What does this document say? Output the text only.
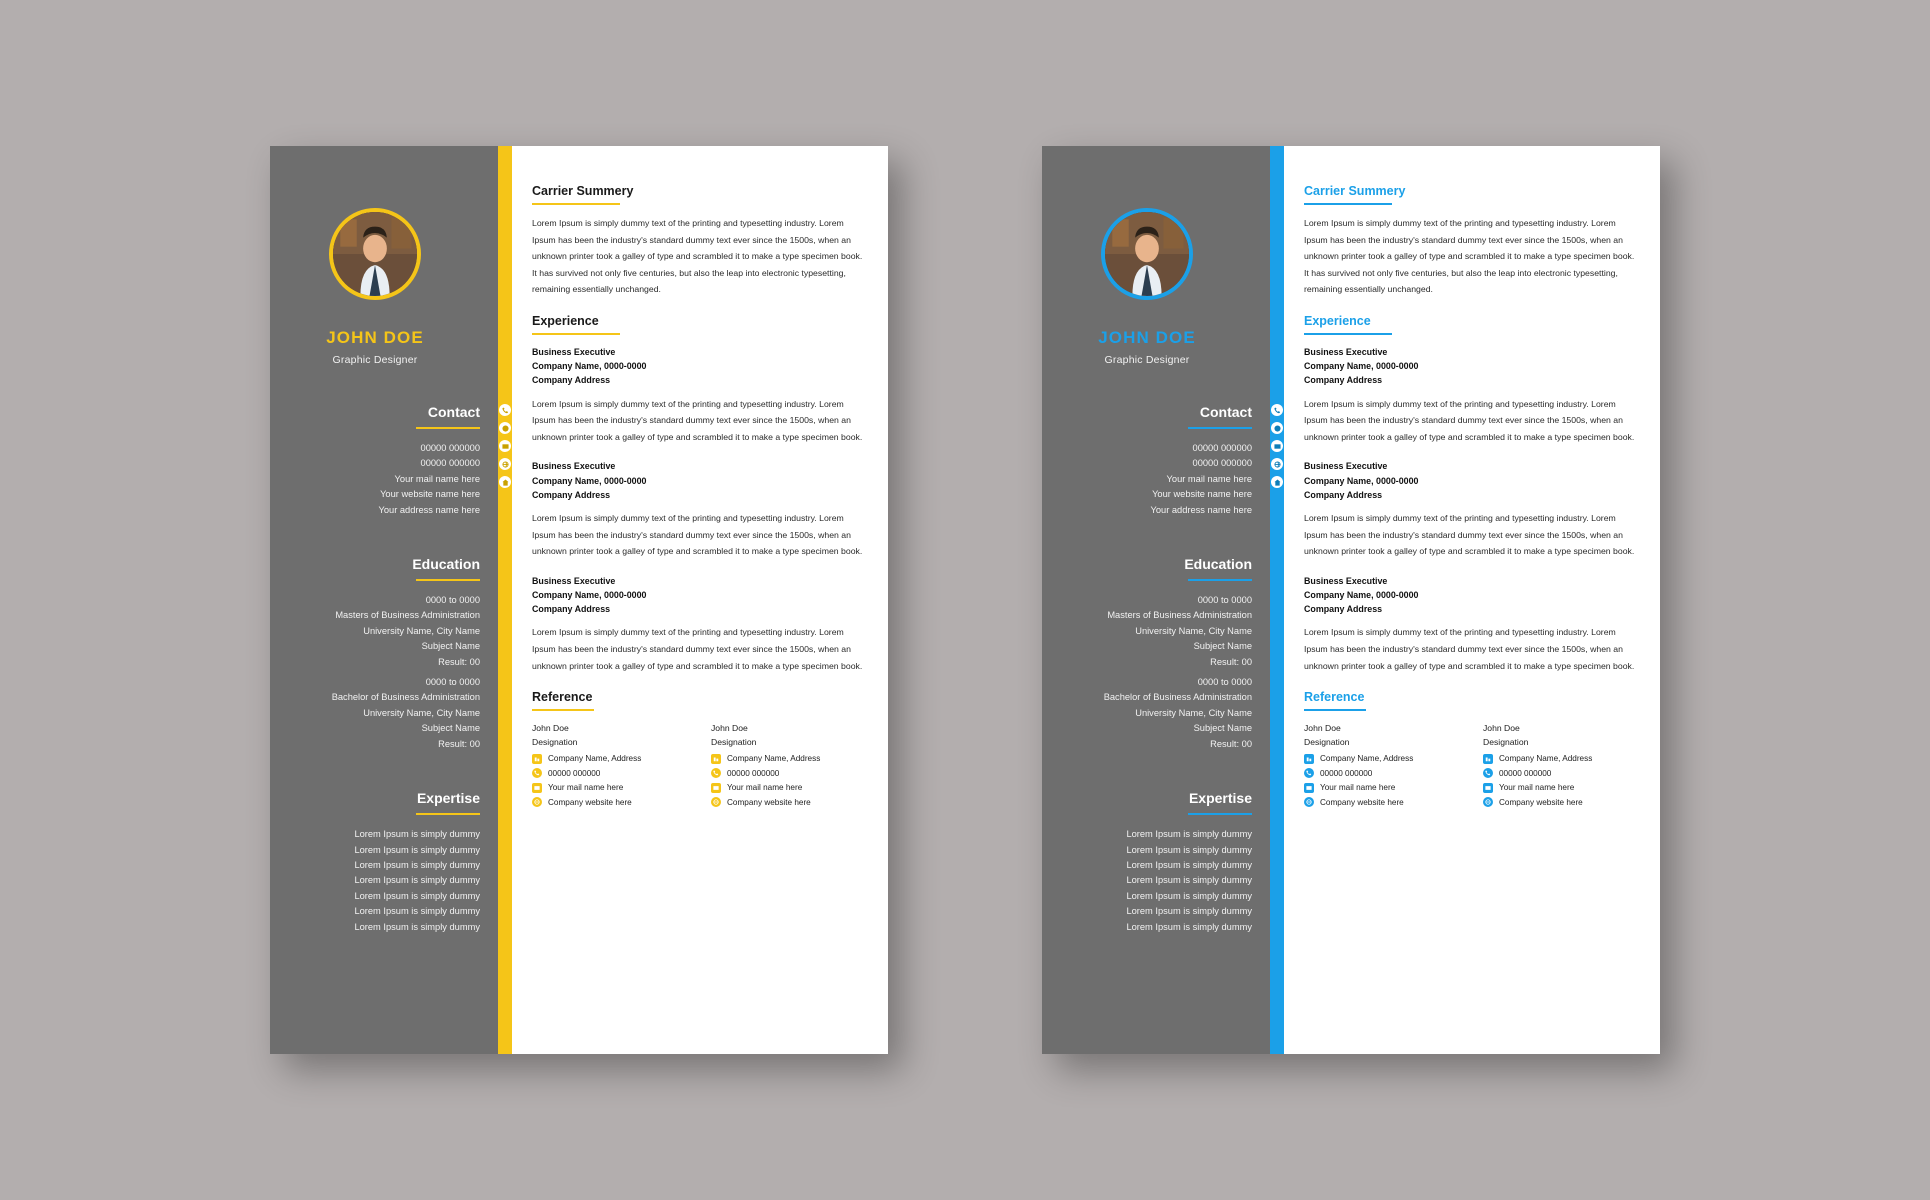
JOHN DOE
Graphic Designer
Contact
00000 000000
00000 000000
Your mail name here
Your website name here
Your address name here
Education
0000 to 0000
Masters of Business Administration
University Name, City Name
Subject Name
Result: 00
0000 to 0000
Bachelor of Business Administration
University Name, City Name
Subject Name
Result: 00
Expertise
Lorem Ipsum is simply dummy
Lorem Ipsum is simply dummy
Lorem Ipsum is simply dummy
Lorem Ipsum is simply dummy
Lorem Ipsum is simply dummy
Lorem Ipsum is simply dummy
Lorem Ipsum is simply dummy
Carrier Summery
Lorem Ipsum is simply dummy text of the printing and typesetting industry. Lorem Ipsum has been the industry's standard dummy text ever since the 1500s, when an unknown printer took a galley of type and scrambled it to make a type specimen book. It has survived not only five centuries, but also the leap into electronic typesetting, remaining essentially unchanged.
Experience
Business Executive
Company Name, 0000-0000
Company Address
Lorem Ipsum is simply dummy text of the printing and typesetting industry. Lorem Ipsum has been the industry's standard dummy text ever since the 1500s, when an unknown printer took a galley of type and scrambled it to make a type specimen book.
Business Executive
Company Name, 0000-0000
Company Address
Lorem Ipsum is simply dummy text of the printing and typesetting industry. Lorem Ipsum has been the industry's standard dummy text ever since the 1500s, when an unknown printer took a galley of type and scrambled it to make a type specimen book.
Business Executive
Company Name, 0000-0000
Company Address
Lorem Ipsum is simply dummy text of the printing and typesetting industry. Lorem Ipsum has been the industry's standard dummy text ever since the 1500s, when an unknown printer took a galley of type and scrambled it to make a type specimen book.
Reference
John Doe
Designation
Company Name, Address
00000 000000
Your mail name here
Company website here
John Doe
Designation
Company Name, Address
00000 000000
Your mail name here
Company website here
JOHN DOE
Graphic Designer
Contact
00000 000000
00000 000000
Your mail name here
Your website name here
Your address name here
Education
0000 to 0000
Masters of Business Administration
University Name, City Name
Subject Name
Result: 00
0000 to 0000
Bachelor of Business Administration
University Name, City Name
Subject Name
Result: 00
Expertise
Lorem Ipsum is simply dummy
Lorem Ipsum is simply dummy
Lorem Ipsum is simply dummy
Lorem Ipsum is simply dummy
Lorem Ipsum is simply dummy
Lorem Ipsum is simply dummy
Lorem Ipsum is simply dummy
Carrier Summery
Lorem Ipsum is simply dummy text of the printing and typesetting industry. Lorem Ipsum has been the industry's standard dummy text ever since the 1500s, when an unknown printer took a galley of type and scrambled it to make a type specimen book. It has survived not only five centuries, but also the leap into electronic typesetting, remaining essentially unchanged.
Experience
Business Executive
Company Name, 0000-0000
Company Address
Lorem Ipsum is simply dummy text of the printing and typesetting industry. Lorem Ipsum has been the industry's standard dummy text ever since the 1500s, when an unknown printer took a galley of type and scrambled it to make a type specimen book.
Business Executive
Company Name, 0000-0000
Company Address
Lorem Ipsum is simply dummy text of the printing and typesetting industry. Lorem Ipsum has been the industry's standard dummy text ever since the 1500s, when an unknown printer took a galley of type and scrambled it to make a type specimen book.
Business Executive
Company Name, 0000-0000
Company Address
Lorem Ipsum is simply dummy text of the printing and typesetting industry. Lorem Ipsum has been the industry's standard dummy text ever since the 1500s, when an unknown printer took a galley of type and scrambled it to make a type specimen book.
Reference
John Doe
Designation
Company Name, Address
00000 000000
Your mail name here
Company website here
John Doe
Designation
Company Name, Address
00000 000000
Your mail name here
Company website here
